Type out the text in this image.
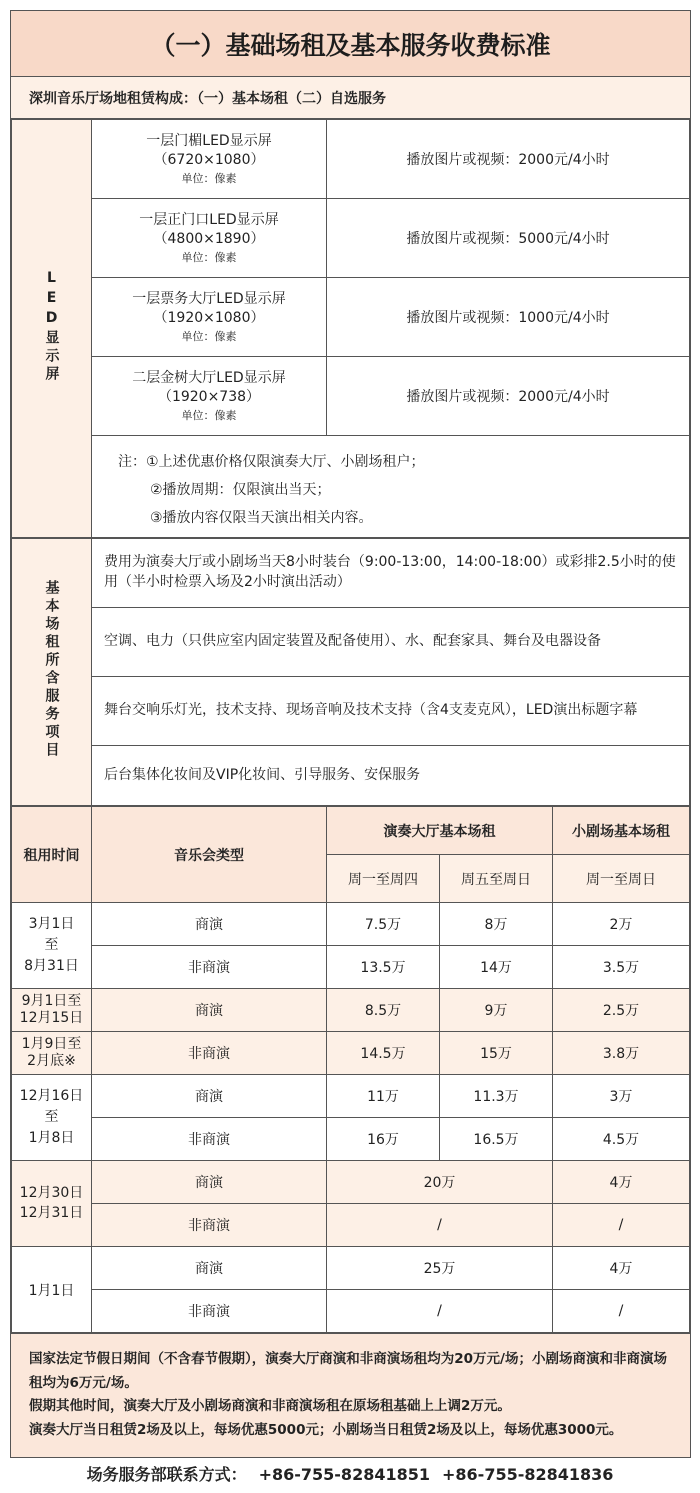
（一）基础场租及基本服务收费标准
深圳音乐厅场地租赁构成：（一）基本场租（二）自选服务
LED显示屏	一层门楣LED显示屏
（6720×1080）
单位：像素	播放图片或视频：2000元/4小时
	一层正门口LED显示屏
（4800×1890）
单位：像素	播放图片或视频：5000元/4小时
	一层票务大厅LED显示屏
（1920×1080）
单位：像素	播放图片或视频：1000元/4小时
	二层金树大厅LED显示屏
（1920×738）
单位：像素	播放图片或视频：2000元/4小时
	注：①上述优惠价格仅限演奏大厅、小剧场租户；
②播放周期：仅限演出当天；
③播放内容仅限当天演出相关内容。	
基本场租所含服务项目	费用为演奏大厅或小剧场当天8小时装台（9:00-13:00，14:00-18:00）或彩排2.5小时的使用（半小时检票入场及2小时演出活动）
空调、电力（只供应室内固定装置及配备使用）、水、配套家具、舞台及电器设备
舞台交响乐灯光，技术支持、现场音响及技术支持（含4支麦克风），LED演出标题字幕
后台集体化妆间及VIP化妆间、引导服务、安保服务
租用时间	音乐会类型	演奏大厅基本场租		小剧场基本场租
		周一至周四	周五至周日	周一至周日
3月1日
至
8月31日	商演	7.5万	8万	2万
	非商演	13.5万	14万	3.5万
9月1日至
12月15日	商演	8.5万	9万	2.5万
1月9日至
2月底※	非商演	14.5万	15万	3.8万
12月16日
至
1月8日	商演	11万	11.3万	3万
	非商演	16万	16.5万	4.5万
12月30日
12月31日	商演	20万		4万
	非商演	/		/
1月1日	商演	25万		4万
	非商演	/		/
国家法定节假日期间（不含春节假期），演奏大厅商演和非商演场租均为20万元/场；小剧场商演和非商演场租均为6万元/场。
假期其他时间，演奏大厅及小剧场商演和非商演场租在原场租基础上上调2万元。
演奏大厅当日租赁2场及以上，每场优惠5000元；小剧场当日租赁2场及以上，每场优惠3000元。
场务服务部联系方式： +86-755-82841851 +86-755-82841836
